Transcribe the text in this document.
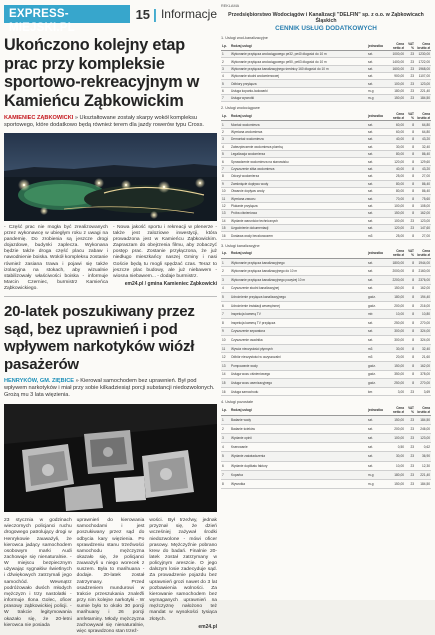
EXPRESS-MIEJSKI.PL
15 | Informacje
Ukończono kolejny etap prac przy kompleksie sportowo-rekreacyjnym w Kamieńcu Ząbkowickim

KAMIENIEC ZĄBKOWICKI » Ukształtowane zostały skarpy wokół kompleksu sportowego, które dodatkowo będą również terem dla jazdy rowerów typu Cross.

- Część prac nie mogła być zrealizowanych przez wykonawcę w ubiegłym roku z uwagi na pandemię. Do zrobienia są jeszcze drogi dojazdowe, budynki zaplecza. Wykonana będzie także droga część placu zabaw i nawodnienie boiska. Wokół kompleksu zostanie również zasiana trawa i pojawi się także izolacyjna na stokach, aby wizualnie stabilizowały właściwości boiska - informuje Marcin Czerniec, burmistrz Kamieńca Ząbkowickiego.

- Nowa jakość sportu i rekreacji w plenerze - także jest zaloziowe inwestycji, która prowadzona jest w Kamieńcu Ząbkowickim. Zapraszam do obejrzenia filmu, aby zobaczyć postęp prac. Zostanie przyłączona, że już niedługo mieszkańcy naszej Gminy i nasi Goście będą tu mogli spędzać czas. Teraz to jeszcze plac budowy, ale już niebawem - wiosna niebawem... - dodaje burmistrz.

em24.pl / gmina Kamieniec Ząbkowicki

20-latek poszukiwany przez sąd, bez uprawnień i pod wpływem narkotyków wiózł pasażerów

HENRYKÓW, GM. ZIĘBICE » Kierował samochodem bez uprawnień. Był pod wpływem narkotyków i miał przy sobie kilkadziesiąt porcji substancji niedozwolonych. Grożą mu 3 lata więzienia.

23 stycznia w godzinach wieczornych policjanci ruchu drogowego patrolujący drogi w Henrykowie zauważyli, że kierowca jadący samochodem osobowym marki Audi zachowuje się nienaturalnie. - W miejscu bezpiecznym używając sygnałów świetlnych i dźwiękowych zatrzymali jego samochód. Wewnątrz podróżowało dwóch młodych mężczyzn i trzy nastolatki - informuje Ilona Golec, oficer prasowy ząbkowickiej policji. - W trakcie legitymowania okazało się, że 20-letni kierowca nie posiada

uprawnień do kierowania samochodami i jest poszukiwany przez sąd do odbycia kary więzienia. Po sprawdzeniu stanu trzeźwości samochodu mężczyzna okazało się, że policjanci zauważyli u niego worecek z suszem. Była to marihuana - dodaje. 20-latek został zatrzymany. Przed osadzeniem mundurowi w trakcie przeszukania znaleźli przy nim kolejne narkotyki - W sumie było to około 30 porcji marihuany i 26 porcji amfetaminy. Młody mężczyzna zachowywał się nienaturalnie, więc sprawdzono stan trzeź-

wości. Był trzeźwy, jednak przyznał się, że dzień wcześniej zażywał środki niedozwolone - mówi oficer prasowy. Mężczyźnie pobrano krew do badań. Finalnie 20-latek został zatrzymany w policyjnym areszcie. O jego dalszym losie zadecyduje sąd. Za prowadzenie pojazdu bez uprawnień grozi nawet do 3 lat pozbawienia wolności. Za kierowanie samochodem bez wymaganych uprawnień na mężczyznę nałożono też mandat w wysokości tysiąca złotych.

em24.pl

REKLAMA
Przedsiębiorstwo Wodociągów i Kanalizacji "DELFIN" sp. z o.o. w Ząbkowicach Śląskich
CENNIK USŁUG DODATKOWYCH
1. Usługi wod-kanalizacyjne
Lp.	Rodzaj usługi	jednostka	Cena netto zł	VAT %	Cena brutto zł
1	Wykonanie przyłącza wodociągowego pe32, pe40 długości do 10 m	szt.	1000,00	23	1230,00
2	Wykonanie przyłącza wodociągowego pe50, pe63 długości do 10 m	szt.	1400,00	23	1722,00
3	Wykonanie przyłącza kanalizacyjnego średnicy 160 długości do 10 m	szt.	1600,00	23	1968,00
4	Wykonanie studni wodomierzowej	szt.	900,00	23	1107,00
5	Odbiory przyłącza	szt.	100,00	23	123,00
6	Usługa koparko-ładowarki	m-g	180,00	23	221,40
7	Usługa wywrotki	m-g	150,00	23	184,50
2. Usługi wodociągowe
Lp.	Rodzaj usługi	jednostka	Cena netto zł	VAT %	Cena brutto zł
1	Montaż wodomierza	szt.	60,00	8	64,80
2	Wymiana wodomierza	szt.	60,00	8	64,80
3	Demontaż wodomierza	szt.	40,00	8	43,20
4	Zabezpieczenie wodomierza plombą	szt.	30,00	8	32,40
5	Legalizacja wodomierza	szt.	80,00	8	86,40
6	Sprawdzenie wodomierza na stanowisku	szt.	120,00	8	129,60
7	Czyszczenie sitka wodomierza	szt.	40,00	8	43,20
8	Odczyt wodomierza	szt.	25,00	8	27,00
9	Zamknięcie dopływu wody	szt.	80,00	8	86,40
10	Otwarcie dopływu wody	szt.	80,00	8	86,40
11	Wymiana zaworu	szt.	70,00	8	75,60
12	Płukanie przyłącza	szt.	100,00	8	108,00
13	Próba ciśnieniowa	szt.	150,00	8	162,00
14	Wydanie warunków technicznych	szt.	100,00	23	123,00
15	Uzgodnienie dokumentacji	szt.	120,00	23	147,60
16	Dostawa wody beczkowozem	m3	25,00	8	27,00
3. Usługi kanalizacyjne
Lp.	Rodzaj usługi	jednostka	Cena netto zł	VAT %	Cena brutto zł
1	Wykonanie przyłącza kanalizacyjnego	szt.	1800,00	8	1944,00
2	Wykonanie przyłącza kanalizacyjnego do 10 m	szt.	2000,00	8	2160,00
3	Wykonanie przyłącza kanalizacyjnego powyżej 10 m	szt.	2200,00	8	2376,00
4	Czyszczenie studni kanalizacyjnej	szt.	150,00	8	162,00
5	Udrożnienie przyłącza kanalizacyjnego	godz.	180,00	8	194,40
6	Udrożnienie instalacji wewnętrznej	godz.	200,00	8	216,00
7	Inspekcja kamerą TV	mb	10,00	8	10,80
8	Inspekcja kamerą TV przyłącza	szt.	250,00	8	270,00
9	Czyszczenie separatora	szt.	300,00	8	324,00
10	Czyszczenie osadnika	szt.	300,00	8	324,00
11	Wywóz nieczystości płynnych	m3	30,00	8	32,40
12	Odbiór nieczystości w oczyszczalni	m3	20,00	8	21,60
13	Pompowanie wody	godz.	150,00	8	162,00
14	Usługa wozu ciśnieniowego	godz.	350,00	8	378,00
15	Usługa wozu asenizacyjnego	godz.	250,00	8	270,00
16	Usługa samochodu	km	3,00	23	3,69
4. Usługi pozostałe
Lp.	Rodzaj usługi	jednostka	Cena netto zł	VAT %	Cena brutto zł
1	Badanie wody	szt.	150,00	23	184,50
2	Badanie ścieków	szt.	200,00	23	246,00
3	Wydanie opinii	szt.	100,00	23	123,00
4	Kserowanie	szt.	0,50	23	0,62
5	Wydanie zaświadczenia	szt.	30,00	23	36,90
6	Wydanie duplikatu faktury	szt.	10,00	23	12,30
7	Koparka	m-g	180,00	23	221,40
8	Wywrotka	m-g	150,00	23	184,50
